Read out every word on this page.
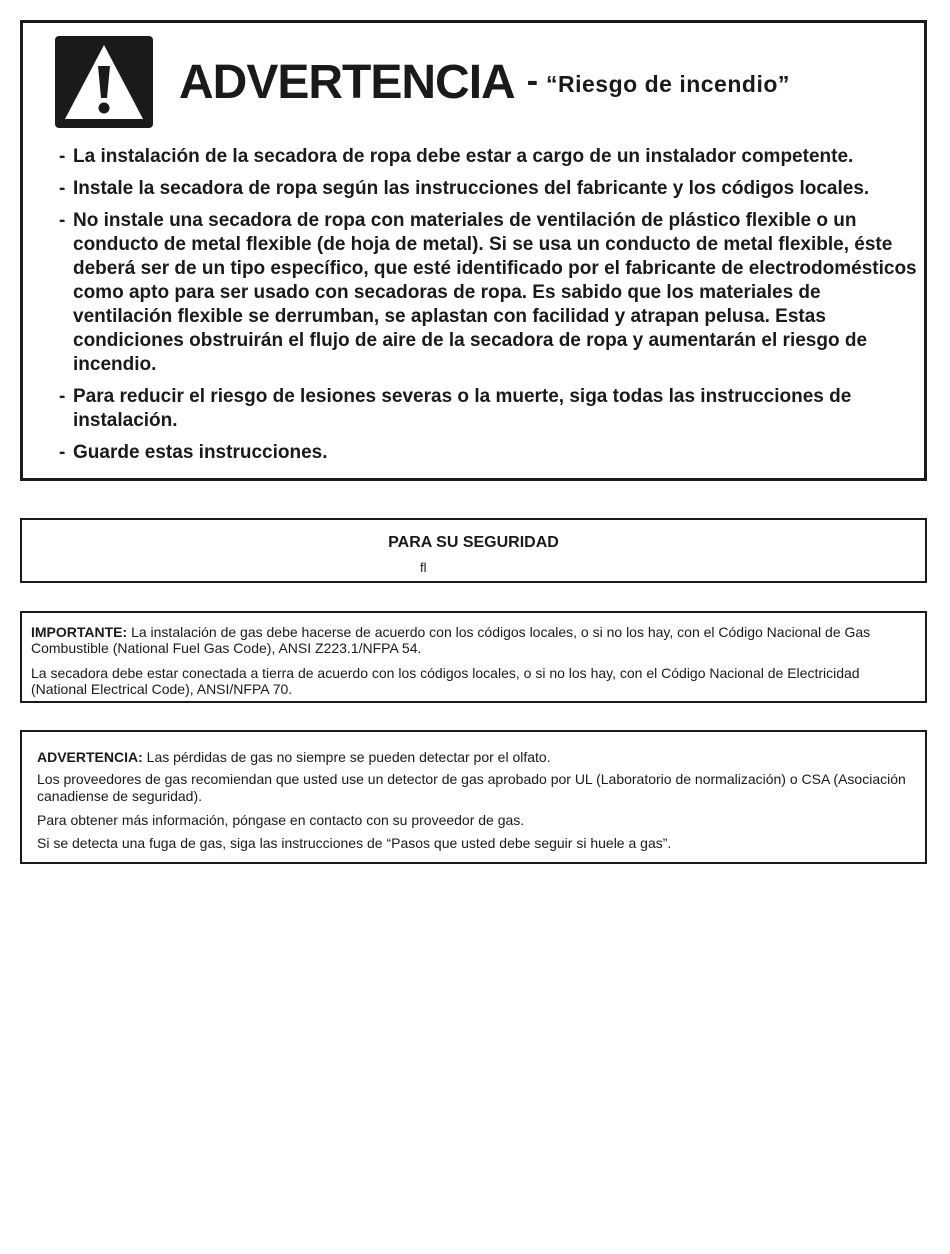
ADVERTENCIA - “Riesgo de incendio”
- La instalación de la secadora de ropa debe estar a cargo de un instalador competente.
- Instale la secadora de ropa según las instrucciones del fabricante y los códigos locales.
- No instale una secadora de ropa con materiales de ventilación de plástico flexible o un conducto de metal flexible (de hoja de metal). Si se usa un conducto de metal flexible, éste deberá ser de un tipo específico, que esté identificado por el fabricante de electrodomésticos como apto para ser usado con secadoras de ropa. Es sabido que los materiales de ventilación flexible se derrumban, se aplastan con facilidad y atrapan pelusa. Estas condiciones obstruirán el flujo de aire de la secadora de ropa y aumentarán el riesgo de incendio.
- Para reducir el riesgo de lesiones severas o la muerte, siga todas las instrucciones de instalación.
- Guarde estas instrucciones.
PARA SU SEGURIDAD
ﬂ
IMPORTANTE: La instalación de gas debe hacerse de acuerdo con los códigos locales, o si no los hay, con el Código Nacional de Gas Combustible (National Fuel Gas Code), ANSI Z223.1/NFPA 54.
La secadora debe estar conectada a tierra de acuerdo con los códigos locales, o si no los hay, con el Código Nacional de Electricidad (National Electrical Code), ANSI/NFPA 70.
ADVERTENCIA: Las pérdidas de gas no siempre se pueden detectar por el olfato.
Los proveedores de gas recomiendan que usted use un detector de gas aprobado por UL (Laboratorio de normalización) o CSA (Asociación canadiense de seguridad).
Para obtener más información, póngase en contacto con su proveedor de gas.
Si se detecta una fuga de gas, siga las instrucciones de “Pasos que usted debe seguir si huele a gas”.
